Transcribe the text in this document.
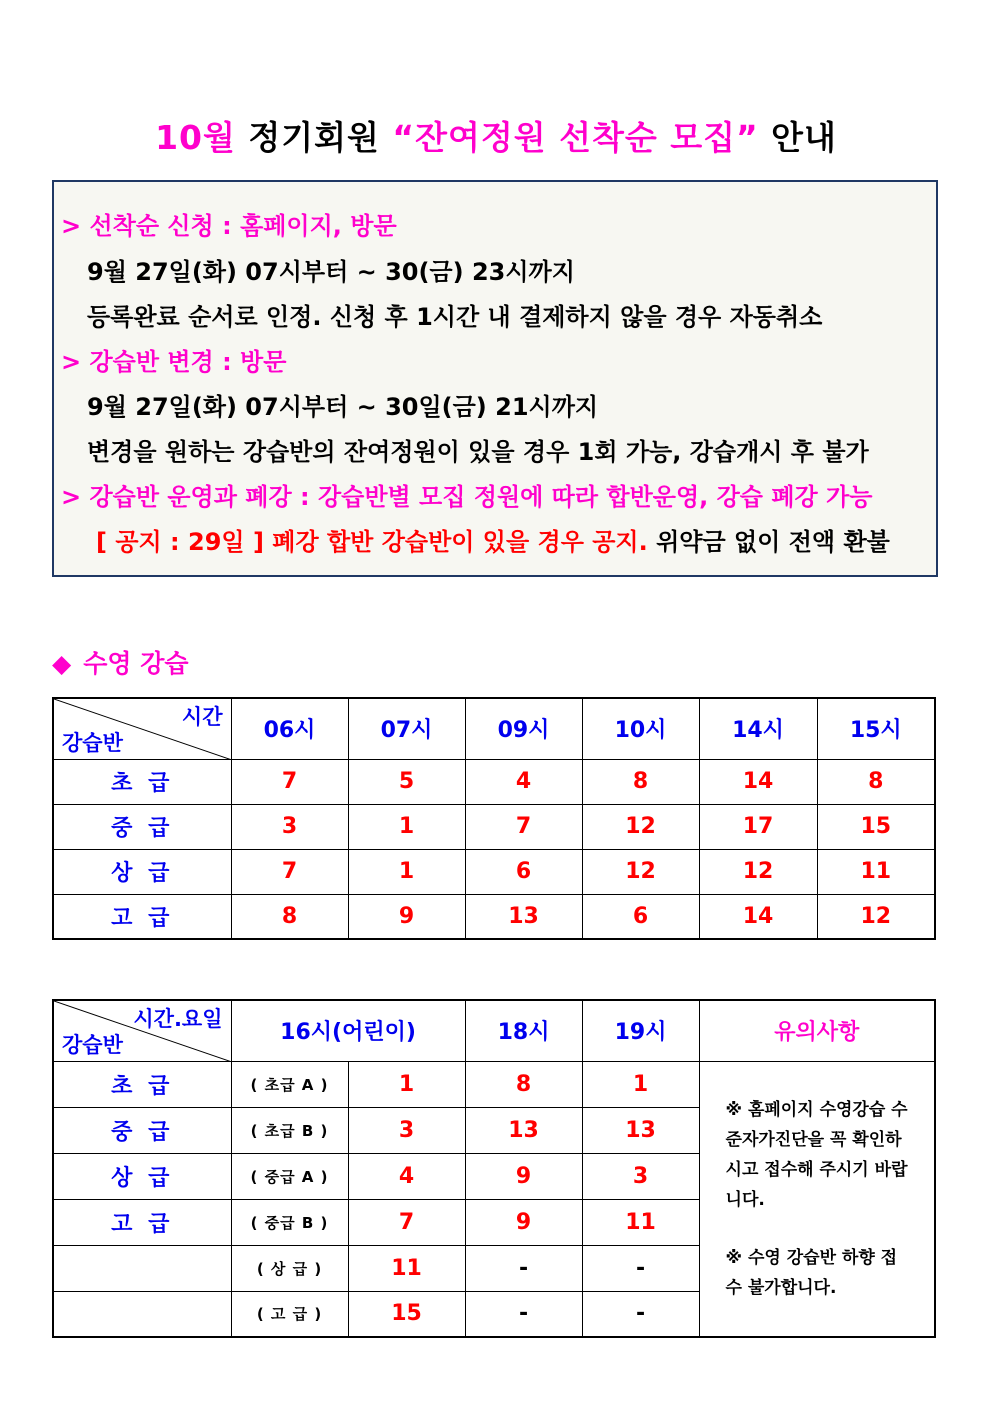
10월 정기회원 “잔여정원 선착순 모집” 안내
> 선착순 신청 : 홈페이지, 방문
9월 27일(화) 07시부터 ~ 30(금) 23시까지
등록완료 순서로 인정. 신청 후 1시간 내 결제하지 않을 경우 자동취소
> 강습반 변경 : 방문
9월 27일(화) 07시부터 ~ 30일(금) 21시까지
변경을 원하는 강습반의 잔여정원이 있을 경우 1회 가능, 강습개시 후 불가
> 강습반 운영과 폐강 : 강습반별 모집 정원에 따라 합반운영, 강습 폐강 가능
[ 공지 : 29일 ] 폐강 합반 강습반이 있을 경우 공지. 위약금 없이 전액 환불
◆ 수영 강습
시간
강습반	06시	07시	09시	10시	14시	15시
초 급	7	5	4	8	14	8
중 급	3	1	7	12	17	15
상 급	7	1	6	12	12	11
고 급	8	9	13	6	14	12
시간.요일
강습반	16시(어린이)		18시	19시	유의사항
초 급	( 초급 A )	1	8	1	※ 홈페이지 수영강습 수준자가진단을 꼭 확인하시고 접수해 주시기 바랍니다.

※ 수영 강습반 하향 접수 불가합니다.

중 급	( 초급 B )	3	13	13	
상 급	( 중급 A )	4	9	3	
고 급	( 중급 B )	7	9	11	
	( 상 급 )	11	-	-	
	( 고 급 )	15	-	-	
